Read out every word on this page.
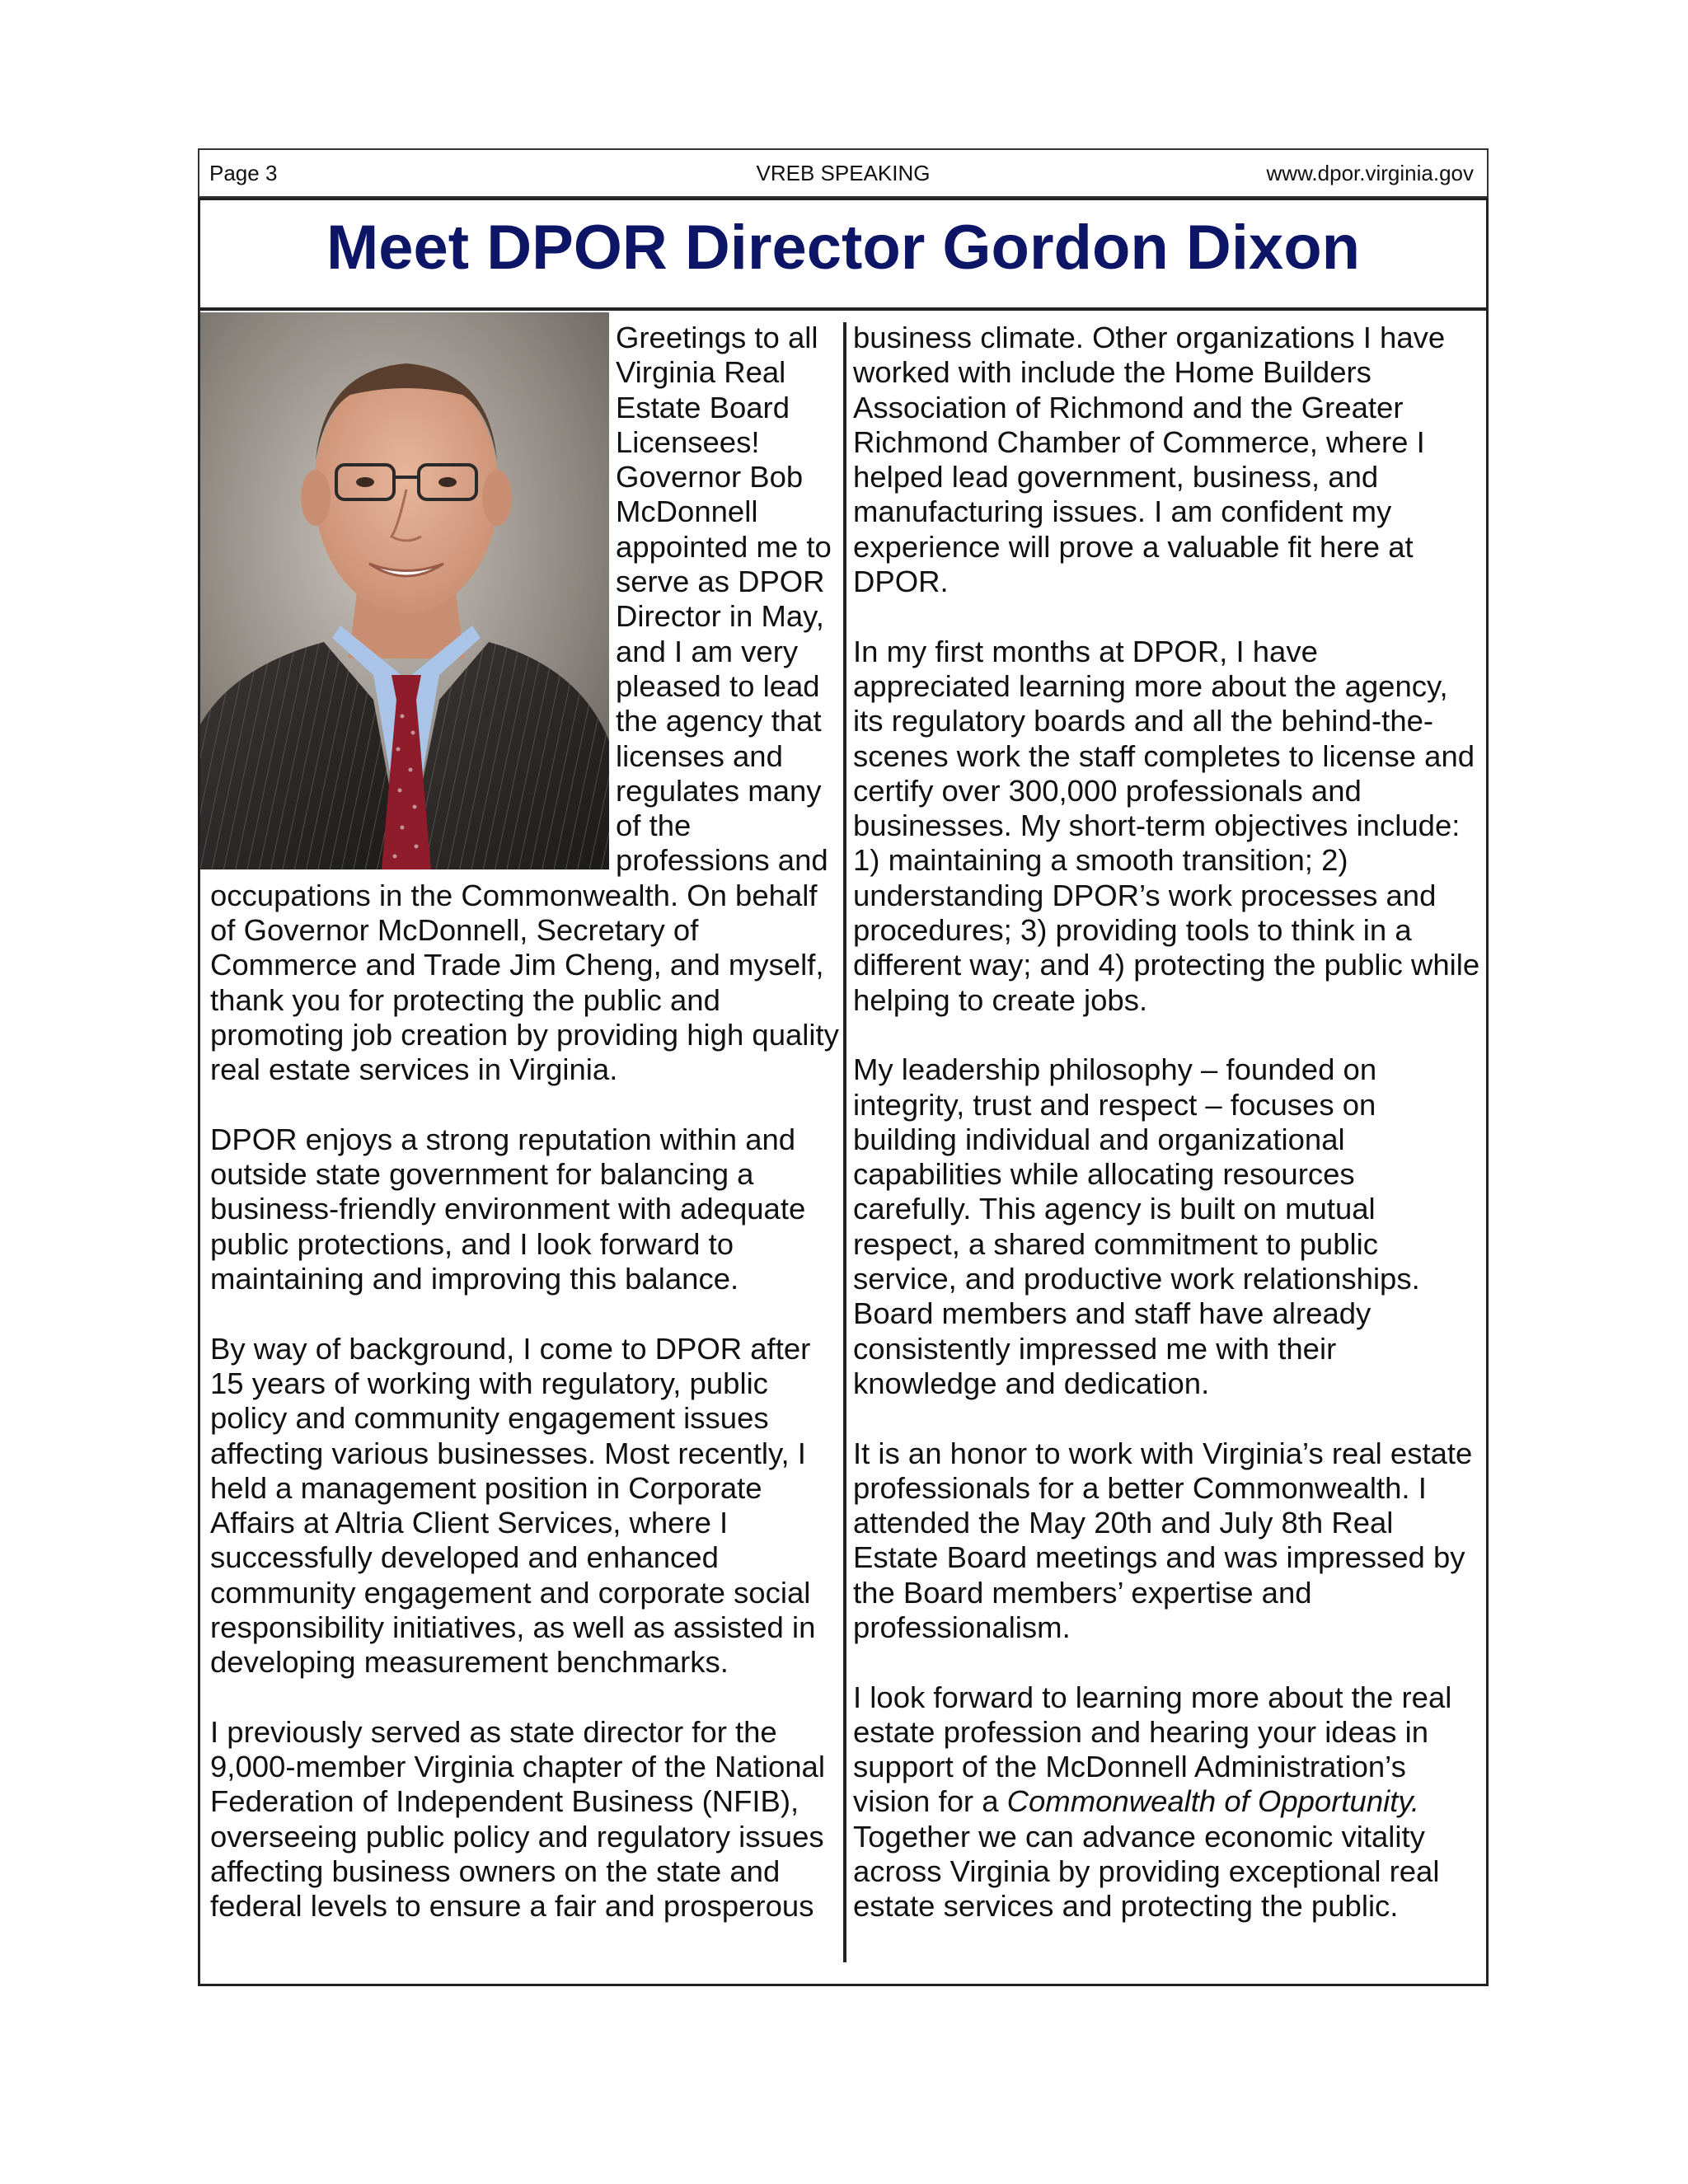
Page 3	VREB SPEAKING	www.dpor.virginia.gov
Meet DPOR Director Gordon Dixon

Greetings to all Virginia Real Estate Board Licensees! Governor Bob McDonnell appointed me to serve as DPOR Director in May, and I am very pleased to lead the agency that licenses and regulates many of the professions and occupations in the Commonwealth. On behalf of Governor McDonnell, Secretary of Commerce and Trade Jim Cheng, and myself, thank you for protecting the public and promoting job creation by providing high quality real estate services in Virginia.

DPOR enjoys a strong reputation within and outside state government for balancing a business-friendly environment with adequate public protections, and I look forward to maintaining and improving this balance.

By way of background, I come to DPOR after 15 years of working with regulatory, public policy and community engagement issues affecting various businesses. Most recently, I held a management position in Corporate Affairs at Altria Client Services, where I successfully developed and enhanced community engagement and corporate social responsibility initiatives, as well as assisted in developing measurement benchmarks.

I previously served as state director for the 9,000-member Virginia chapter of the National Federation of Independent Business (NFIB), overseeing public policy and regulatory issues affecting business owners on the state and federal levels to ensure a fair and prosperous

business climate. Other organizations I have worked with include the Home Builders Association of Richmond and the Greater Richmond Chamber of Commerce, where I helped lead government, business, and manufacturing issues. I am confident my experience will prove a valuable fit here at DPOR.

In my first months at DPOR, I have appreciated learning more about the agency, its regulatory boards and all the behind-the-scenes work the staff completes to license and certify over 300,000 professionals and businesses. My short-term objectives include: 1) maintaining a smooth transition; 2) understanding DPOR’s work processes and procedures; 3) providing tools to think in a different way; and 4) protecting the public while helping to create jobs.

My leadership philosophy – founded on integrity, trust and respect – focuses on building individual and organizational capabilities while allocating resources carefully. This agency is built on mutual respect, a shared commitment to public service, and productive work relationships. Board members and staff have already consistently impressed me with their knowledge and dedication.

It is an honor to work with Virginia’s real estate professionals for a better Commonwealth. I attended the May 20th and July 8th Real Estate Board meetings and was impressed by the Board members’ expertise and professionalism.

I look forward to learning more about the real estate profession and hearing your ideas in support of the McDonnell Administration’s vision for a Commonwealth of Opportunity. Together we can advance economic vitality across Virginia by providing exceptional real estate services and protecting the public.
